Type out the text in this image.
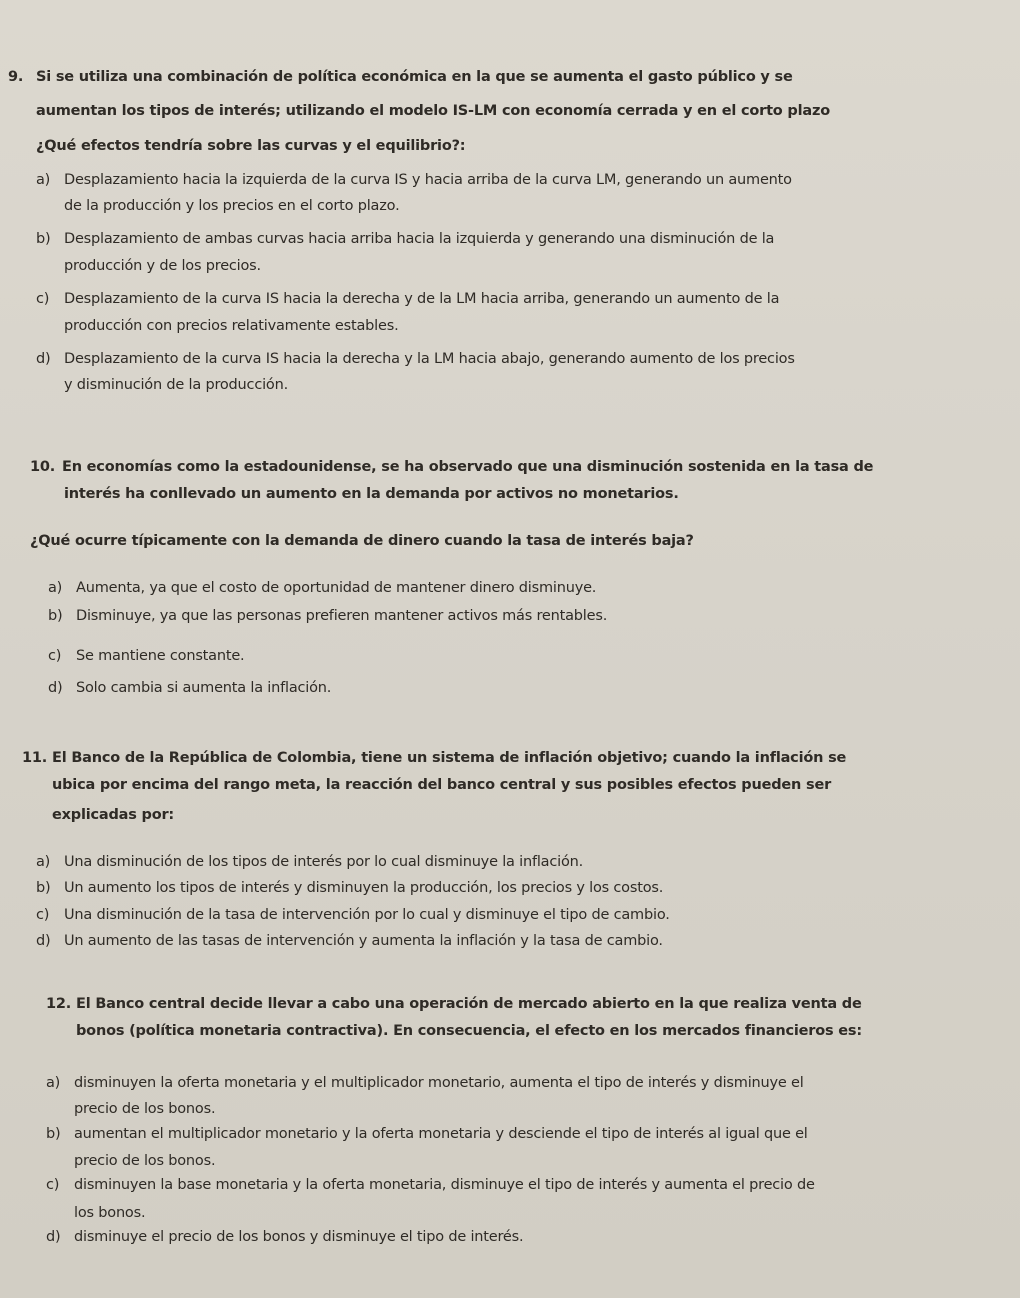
9. Si se utiliza una combinación de política económica en la que se aumenta el gasto público y se
aumentan los tipos de interés; utilizando el modelo IS-LM con economía cerrada y en el corto plazo
¿Qué efectos tendría sobre las curvas y el equilibrio?:
a) Desplazamiento hacia la izquierda de la curva IS y hacia arriba de la curva LM, generando un aumento
de la producción y los precios en el corto plazo.
b) Desplazamiento de ambas curvas hacia arriba hacia la izquierda y generando una disminución de la
producción y de los precios.
c) Desplazamiento de la curva IS hacia la derecha y de la LM hacia arriba, generando un aumento de la
producción con precios relativamente estables.
d) Desplazamiento de la curva IS hacia la derecha y la LM hacia abajo, generando aumento de los precios
y disminución de la producción.
10. En economías como la estadounidense, se ha observado que una disminución sostenida en la tasa de
interés ha conllevado un aumento en la demanda por activos no monetarios.
¿Qué ocurre típicamente con la demanda de dinero cuando la tasa de interés baja?
a) Aumenta, ya que el costo de oportunidad de mantener dinero disminuye.
b) Disminuye, ya que las personas prefieren mantener activos más rentables.
c) Se mantiene constante.
d) Solo cambia si aumenta la inflación.
11. El Banco de la República de Colombia, tiene un sistema de inflación objetivo; cuando la inflación se
ubica por encima del rango meta, la reacción del banco central y sus posibles efectos pueden ser
explicadas por:
a) Una disminución de los tipos de interés por lo cual disminuye la inflación.
b) Un aumento los tipos de interés y disminuyen la producción, los precios y los costos.
c) Una disminución de la tasa de intervención por lo cual y disminuye el tipo de cambio.
d) Un aumento de las tasas de intervención y aumenta la inflación y la tasa de cambio.
12. El Banco central decide llevar a cabo una operación de mercado abierto en la que realiza venta de
bonos (política monetaria contractiva). En consecuencia, el efecto en los mercados financieros es:
a) disminuyen la oferta monetaria y el multiplicador monetario, aumenta el tipo de interés y disminuye el
precio de los bonos.
b) aumentan el multiplicador monetario y la oferta monetaria y desciende el tipo de interés al igual que el
precio de los bonos.
c) disminuyen la base monetaria y la oferta monetaria, disminuye el tipo de interés y aumenta el precio de
los bonos.
d) disminuye el precio de los bonos y disminuye el tipo de interés.
